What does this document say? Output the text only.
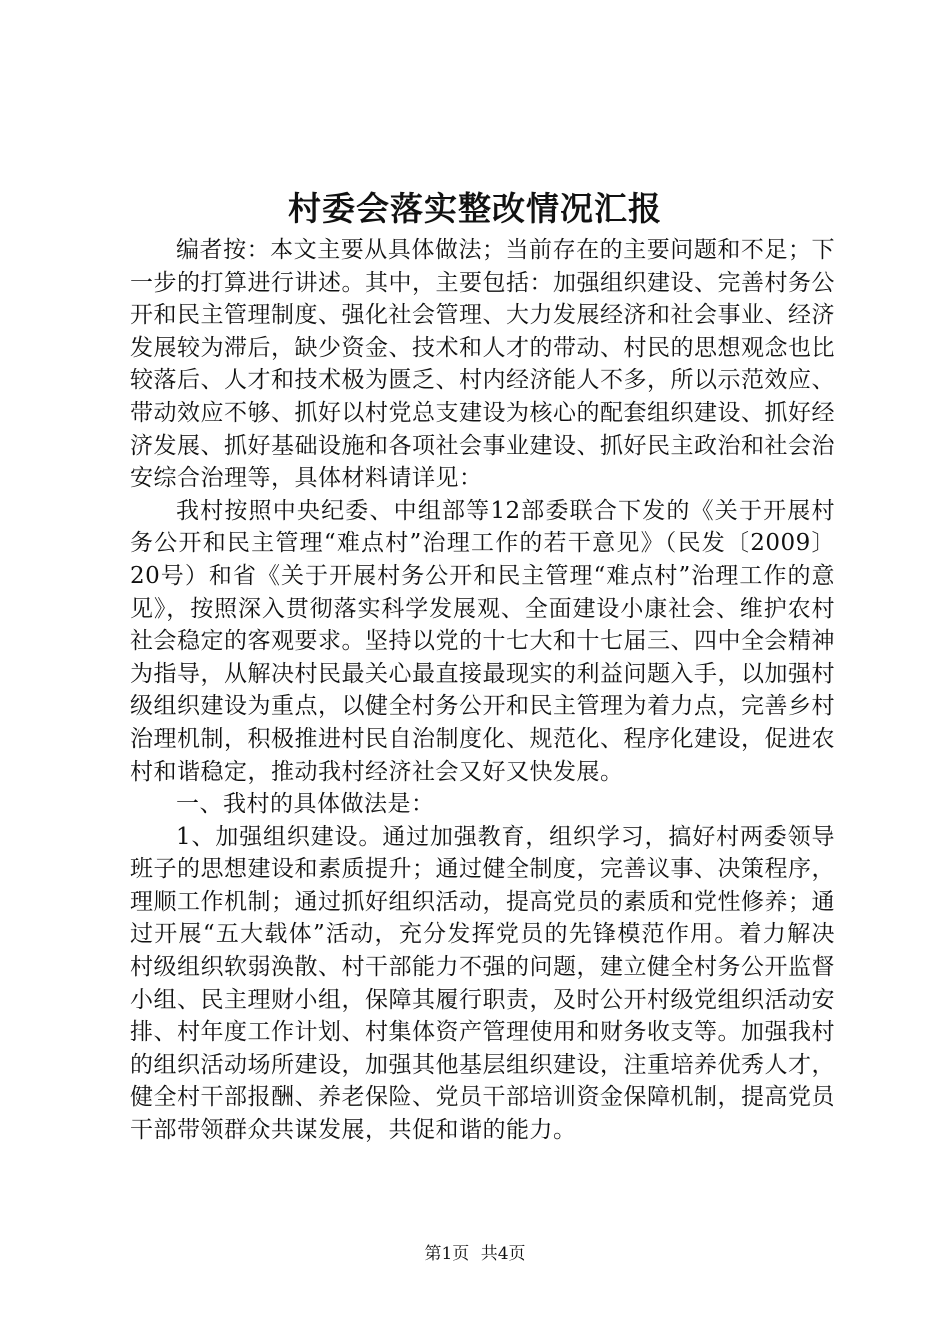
村委会落实整改情况汇报

编者按：本文主要从具体做法；当前存在的主要问题和不足；下一步的打算进行讲述。其中，主要包括：加强组织建设、完善村务公开和民主管理制度、强化社会管理、大力发展经济和社会事业、经济发展较为滞后，缺少资金、技术和人才的带动、村民的思想观念也比较落后、人才和技术极为匮乏、村内经济能人不多，所以示范效应、带动效应不够、抓好以村党总支建设为核心的配套组织建设、抓好经济发展、抓好基础设施和各项社会事业建设、抓好民主政治和社会治安综合治理等，具体材料请详见：

我村按照中央纪委、中组部等12部委联合下发的《关于开展村务公开和民主管理“难点村”治理工作的若干意见》（民发〔2009〕20号）和省《关于开展村务公开和民主管理“难点村”治理工作的意见》，按照深入贯彻落实科学发展观、全面建设小康社会、维护农村社会稳定的客观要求。坚持以党的十七大和十七届三、四中全会精神为指导，从解决村民最关心最直接最现实的利益问题入手，以加强村级组织建设为重点，以健全村务公开和民主管理为着力点，完善乡村治理机制，积极推进村民自治制度化、规范化、程序化建设，促进农村和谐稳定，推动我村经济社会又好又快发展。

一、我村的具体做法是：

1、加强组织建设。通过加强教育，组织学习，搞好村两委领导班子的思想建设和素质提升；通过健全制度，完善议事、决策程序，理顺工作机制；通过抓好组织活动，提高党员的素质和党性修养；通过开展“五大载体”活动，充分发挥党员的先锋模范作用。着力解决村级组织软弱涣散、村干部能力不强的问题，建立健全村务公开监督小组、民主理财小组，保障其履行职责，及时公开村级党组织活动安排、村年度工作计划、村集体资产管理使用和财务收支等。加强我村的组织活动场所建设，加强其他基层组织建设，注重培养优秀人才，健全村干部报酬、养老保险、党员干部培训资金保障机制，提高党员干部带领群众共谋发展，共促和谐的能力。

第1页 共4页
